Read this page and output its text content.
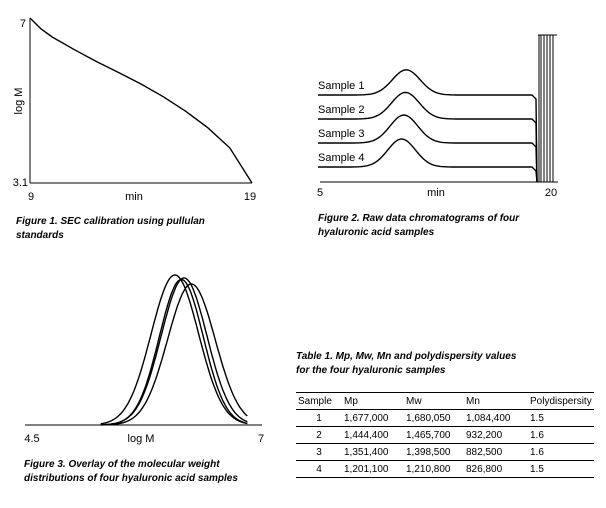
7
3.1
log M
9	19
min
Figure 1. SEC calibration using pullulan
standards
5	20
min
Sample 1
Sample 2
Sample 3
Sample 4
Figure 2. Raw data chromatograms of four
hyaluronic acid samples
4.5	7
log M
Figure 3. Overlay of the molecular weight
distributions of four hyaluronic acid samples
Table 1. Mp, Mw, Mn and polydispersity values
for the four hyaluronic samples
Sample	Mp	Mw	Mn	Polydispersity
1	1,677,000	1,680,050	1,084,400	1.5
2	1,444,400	1,465,700	932,200	1.6
3	1,351,400	1,398,500	882,500	1.6
4	1,201,100	1,210,800	826,800	1.5
